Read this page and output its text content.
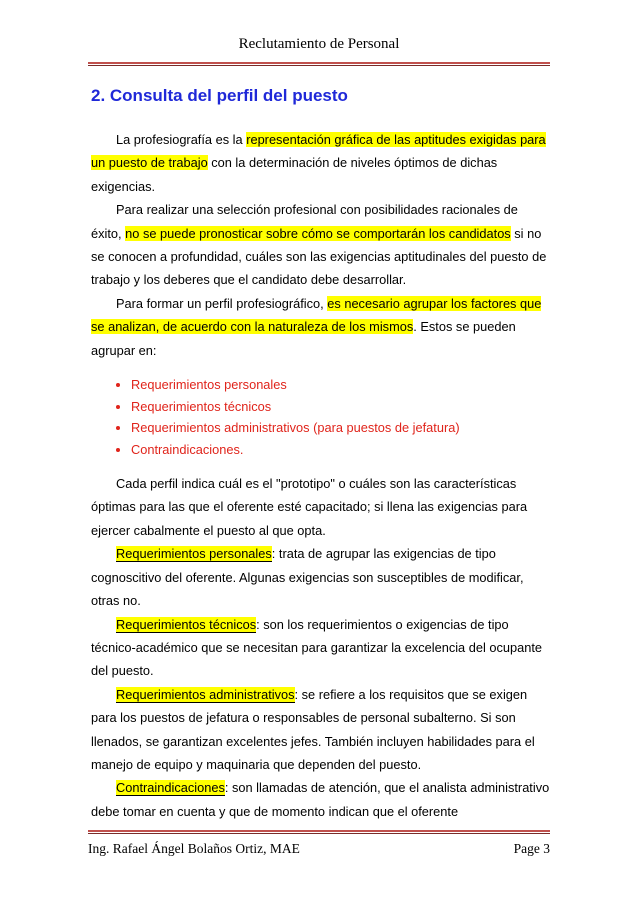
Reclutamiento de Personal
2. Consulta del perfil del puesto

La profesiografía es la representación gráfica de las aptitudes exigidas para un puesto de trabajo con la determinación de niveles óptimos de dichas exigencias.

Para realizar una selección profesional con posibilidades racionales de éxito, no se puede pronosticar sobre cómo se comportarán los candidatos si no se conocen a profundidad, cuáles son las exigencias aptitudinales del puesto de trabajo y los deberes que el candidato debe desarrollar.

Para formar un perfil profesiográfico, es necesario agrupar los factores que se analizan, de acuerdo con la naturaleza de los mismos. Estos se pueden agrupar en:

Requerimientos personales
Requerimientos técnicos
Requerimientos administrativos (para puestos de jefatura)
Contraindicaciones.

Cada perfil indica cuál es el "prototipo" o cuáles son las características óptimas para las que el oferente esté capacitado; si llena las exigencias para ejercer cabalmente el puesto al que opta.

Requerimientos personales: trata de agrupar las exigencias de tipo cognoscitivo del oferente. Algunas exigencias son susceptibles de modificar, otras no.

Requerimientos técnicos: son los requerimientos o exigencias de tipo técnico-académico que se necesitan para garantizar la excelencia del ocupante del puesto.

Requerimientos administrativos: se refiere a los requisitos que se exigen para los puestos de jefatura o responsables de personal subalterno. Si son llenados, se garantizan excelentes jefes. También incluyen habilidades para el manejo de equipo y maquinaria que dependen del puesto.

Contraindicaciones: son llamadas de atención, que el analista administrativo debe tomar en cuenta y que de momento indican que el oferente

Ing. Rafael Ángel Bolaños Ortiz, MAE	Page 3
